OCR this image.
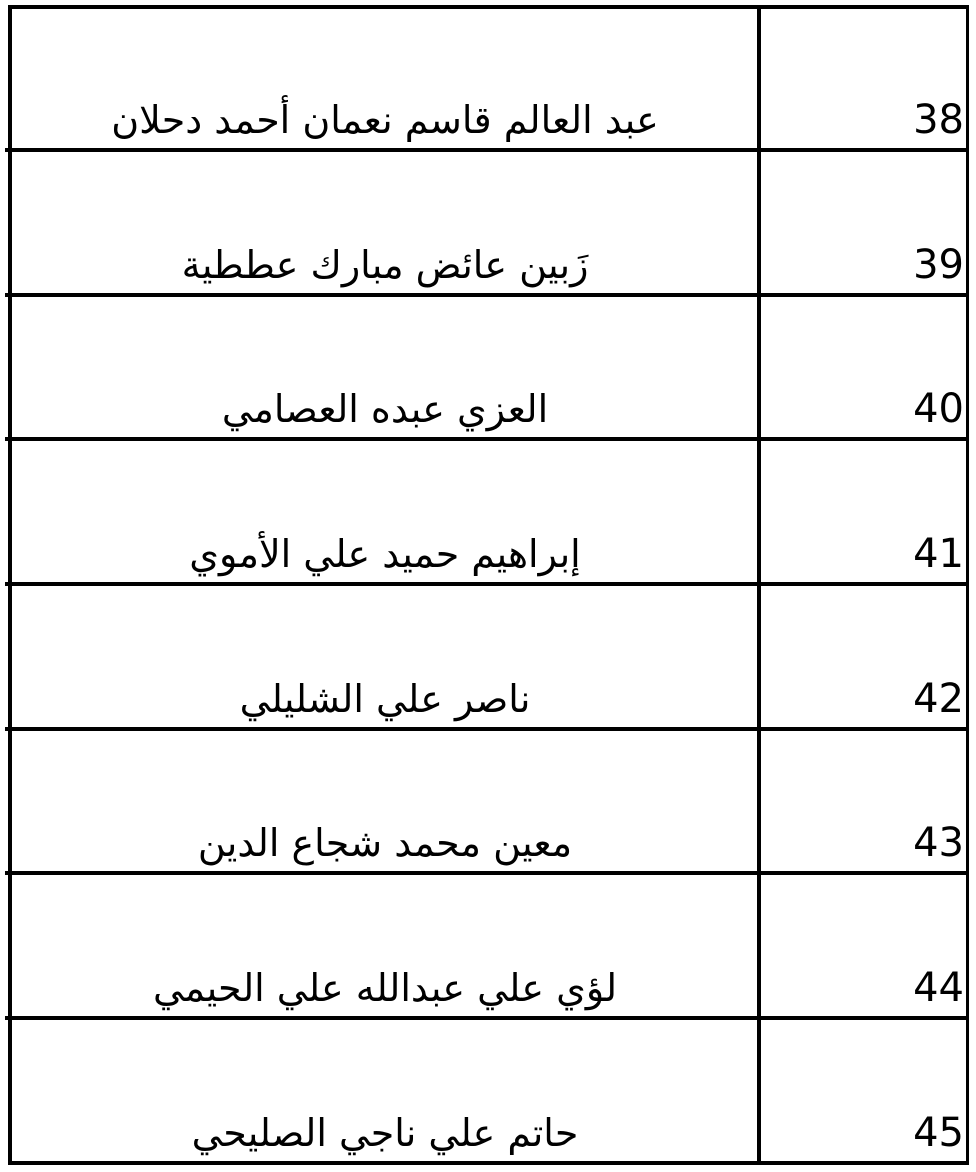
عبد العالم قاسم نعمان أحمد دحلان	38
زَبين عائض مبارك عططية	39
العزي عبده العصامي	40
إبراهيم حميد علي الأموي	41
ناصر علي الشليلي	42
معين محمد شجاع الدين	43
لؤي علي عبدالله علي الحيمي	44
حاتم علي ناجي الصليحي	45
